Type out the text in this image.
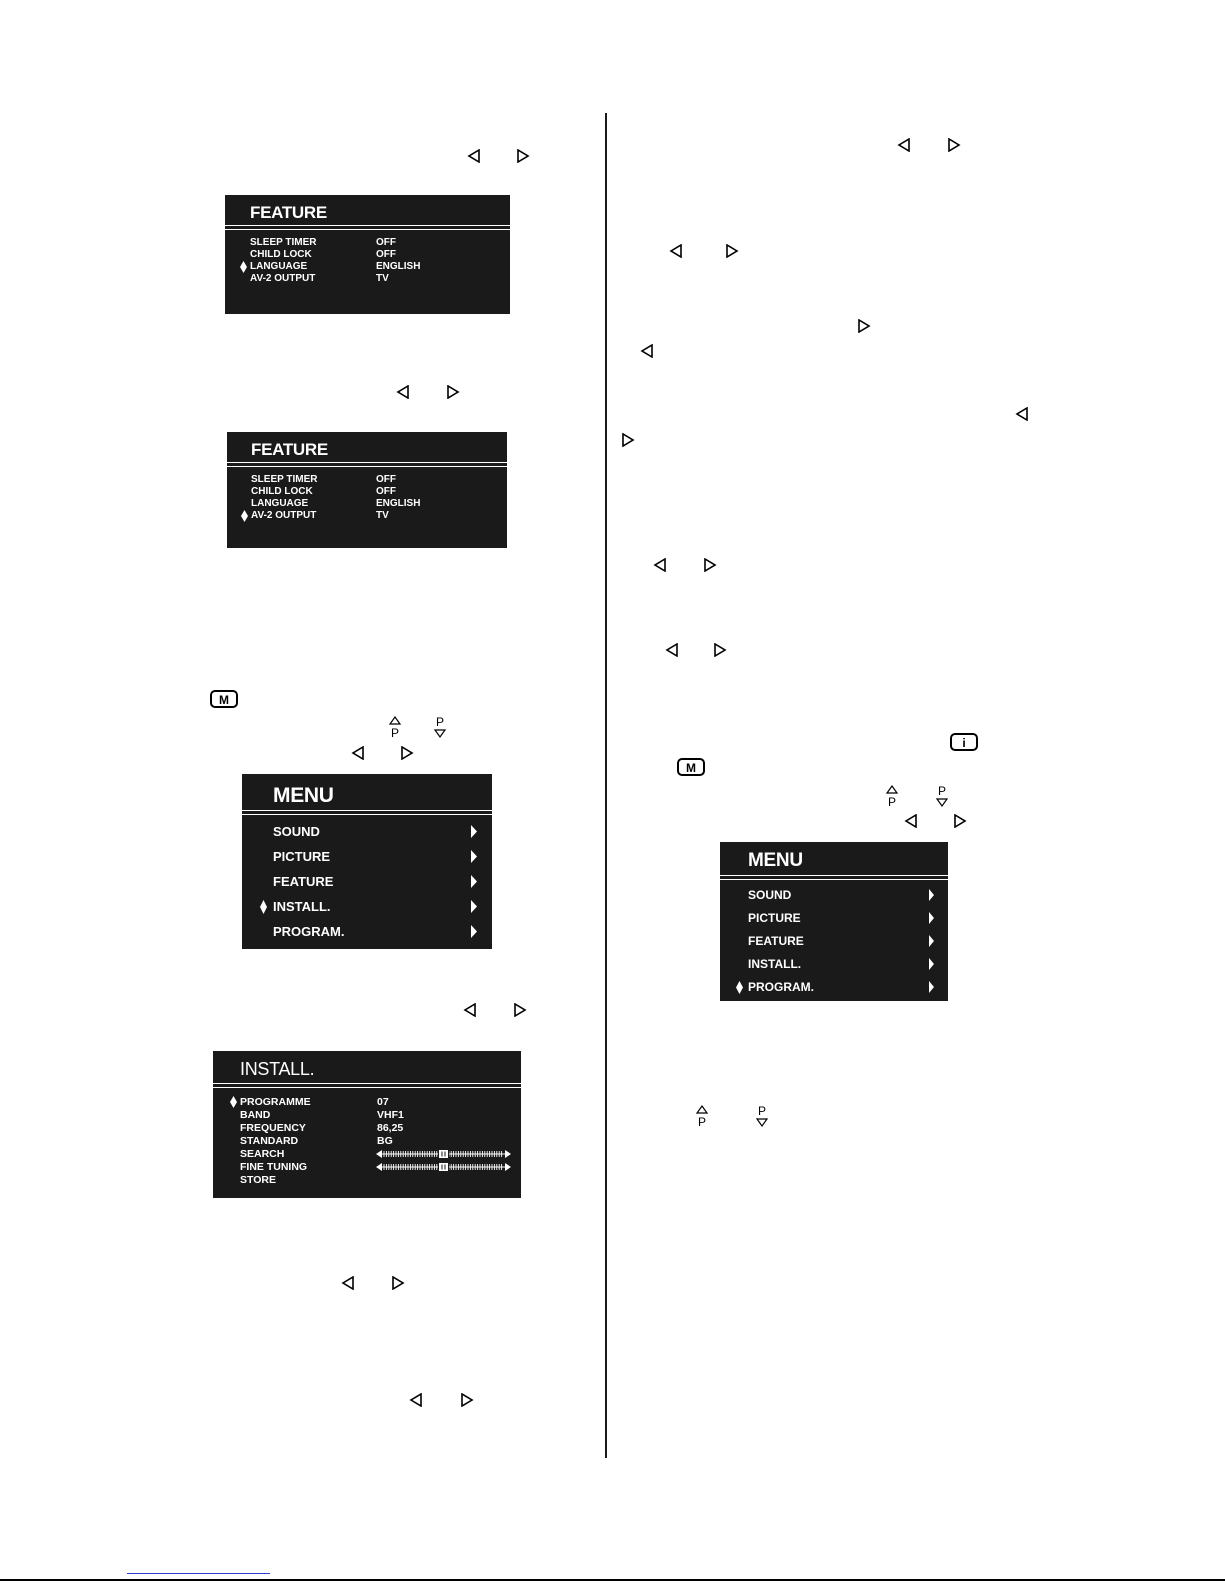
FEATURE
SLEEP TIMER	OFF
CHILD LOCK	OFF
LANGUAGE	ENGLISH
AV-2 OUTPUT	TV
FEATURE
SLEEP TIMER	OFF
CHILD LOCK	OFF
LANGUAGE	ENGLISH
AV-2 OUTPUT	TV
MENU
SOUND
PICTURE
FEATURE
INSTALL.
PROGRAM.
INSTALL.
PROGRAMME	07
BAND	VHF1
FREQUENCY	86,25
STANDARD	BG
SEARCH
FINE TUNING
STORE
MENU
SOUND
PICTURE
FEATURE
INSTALL.
PROGRAM.
M
P
P
i
M
P
P
P
P
